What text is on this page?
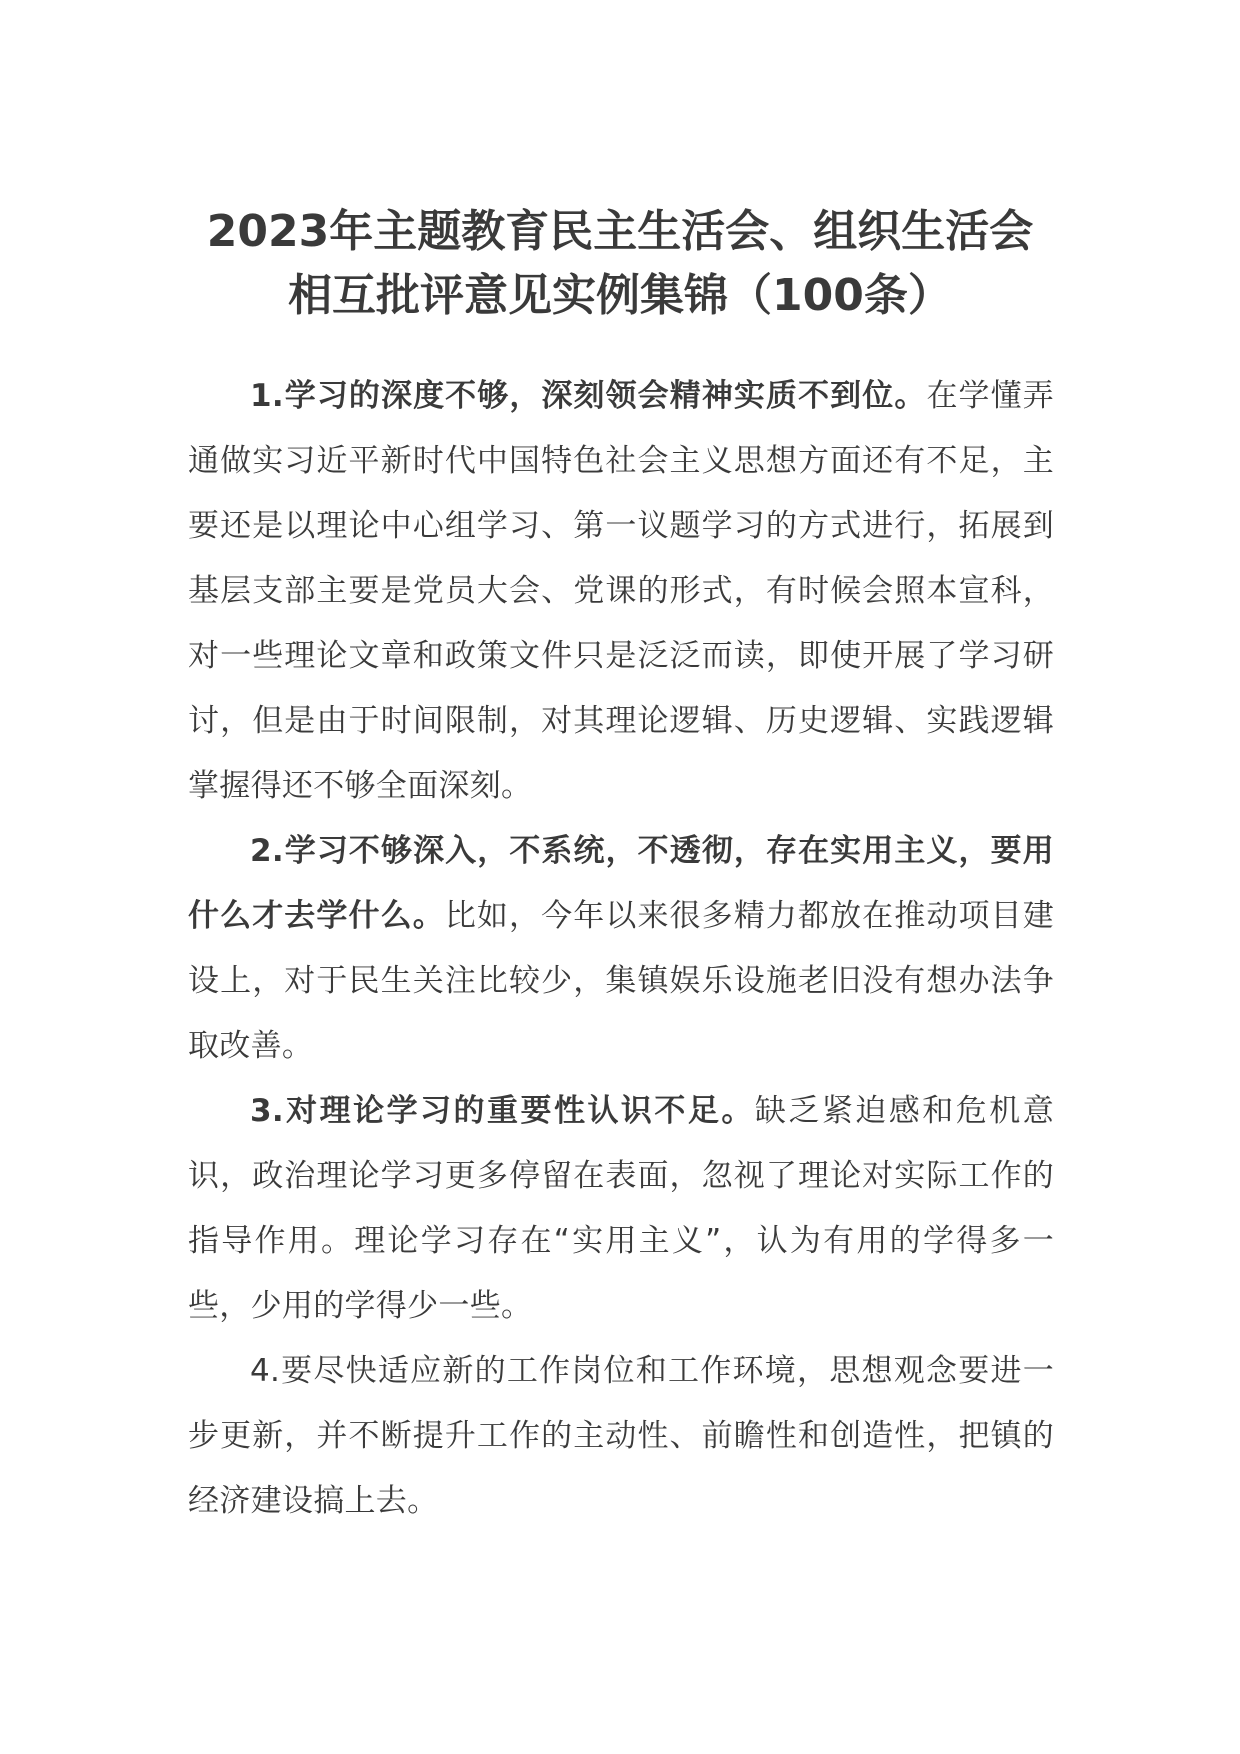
2023年主题教育民主生活会、组织生活会
相互批评意见实例集锦（100条）

1.学习的深度不够，深刻领会精神实质不到位。在学懂弄通做实习近平新时代中国特色社会主义思想方面还有不足，主要还是以理论中心组学习、第一议题学习的方式进行，拓展到基层支部主要是党员大会、党课的形式，有时候会照本宣科，对一些理论文章和政策文件只是泛泛而读，即使开展了学习研讨，但是由于时间限制，对其理论逻辑、历史逻辑、实践逻辑掌握得还不够全面深刻。

2.学习不够深入，不系统，不透彻，存在实用主义，要用什么才去学什么。比如，今年以来很多精力都放在推动项目建设上，对于民生关注比较少，集镇娱乐设施老旧没有想办法争取改善。

3.对理论学习的重要性认识不足。缺乏紧迫感和危机意识，政治理论学习更多停留在表面，忽视了理论对实际工作的指导作用。理论学习存在“实用主义”，认为有用的学得多一些，少用的学得少一些。

4.要尽快适应新的工作岗位和工作环境，思想观念要进一步更新，并不断提升工作的主动性、前瞻性和创造性，把镇的经济建设搞上去。
